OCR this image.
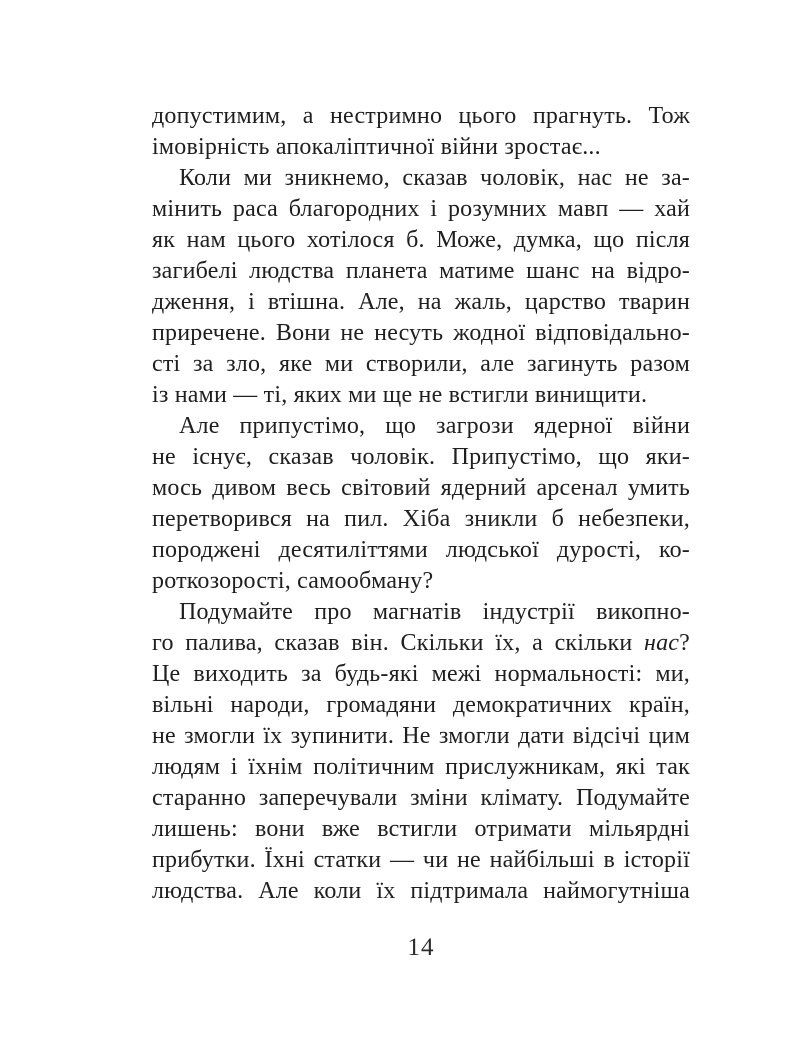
допустимим, а нестримно цього прагнуть. Тож
імовірність апокаліптичної війни зростає...
Коли ми зникнемо, сказав чоловік, нас не за-
мінить раса благородних і розумних мавп — хай
як нам цього хотілося б. Може, думка, що після
загибелі людства планета матиме шанс на відро-
дження, і втішна. Але, на жаль, царство тварин
приречене. Вони не несуть жодної відповідально-
сті за зло, яке ми створили, але загинуть разом
із нами — ті, яких ми ще не встигли винищити.
Але припустімо, що загрози ядерної війни
не існує, сказав чоловік. Припустімо, що яки-
мось дивом весь світовий ядерний арсенал умить
перетворився на пил. Хіба зникли б небезпеки,
породжені десятиліттями людської дурості, ко-
роткозорості, самообману?
Подумайте про магнатів індустрії викопно-
го палива, сказав він. Скільки їх, а скільки нас?
Це виходить за будь-які межі нормальності: ми,
вільні народи, громадяни демократичних країн,
не змогли їх зупинити. Не змогли дати відсічі цим
людям і їхнім політичним прислужникам, які так
старанно заперечували зміни клімату. Подумайте
лишень: вони вже встигли отримати мільярдні
прибутки. Їхні статки — чи не найбільші в історії
людства. Але коли їх підтримала наймогутніша
14
